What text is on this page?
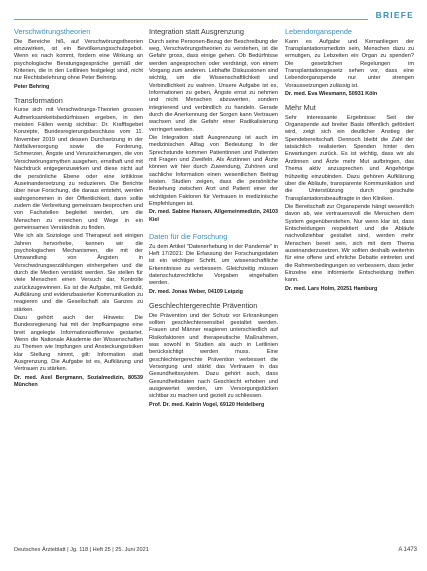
BRIEFE
Verschwörungstheorien

Die Bereiche hiß, auf Verschwörungstheorien einzuwirken, ist ein Bevölkerungsschutzgebot. Wenn es nach kommt, fordern eine Wirkung an psychologische Beratungsgespräche gemäß der Kriterien, die in den Leitlinien festgelegt sind, nicht nur Rechtsbelehrung ohne Peter Behring.

Peter Behring

Transformation

Kurse sich mit Verschwörungs-Theorien grossen Aufmerksamkeitsbedürfnissen ergeben, in den meisten Fällen wenig sichtbar: Dr. Krafftsgebet Konzepte, Bundesregierungsbeschluss vom 11. November 2019 und dessen Durchsetzung in der Notfallversorgung sowie die Forderung, Schmerzen, Ängste und Verunsicherungen, die von Verschwörungsmythen ausgehen, ernsthaft und mit Nachdruck entgegenzuwirken und diese nicht auf die persönliche Ebene oder eine kritiklose Auseinandersetzung zu reduzieren. Die Berichte über neue Forschung, die daraus entsteht, werden wahrgenommen in der Öffentlichkeit, dann sollte zudem die Verbreitung gemeinsam besprochen und von Fachstellen begleitet werden, um die Menschen zu erreichen und Wege in ein gemeinsames Verständnis zu finden.

Wie ich als Soziologe und Therapeut seit einigen Jahren hervorhebe, kennen wir die psychologischen Mechanismen, die mit der Umwandlung von Ängsten in Verschwörungserzählungen einhergehen und die durch die Medien verstärkt werden. Sie stellen für viele Menschen einen Versuch dar, Kontrolle zurückzugewinnen. Es ist die Aufgabe, mit Geduld, Aufklärung und evidenzbasierter Kommunikation zu reagieren und die Gesellschaft als Ganzes zu stärken.

Dazu gehört auch der Hinweis: Die Bundesregierung hat mit der Impfkampagne eine breit angelegte Informationsoffensive gestartet. Wenn die Nationale Akademie der Wissenschaften zu Themen wie Impfungen und Ansteckungsrisiken klar Stellung nimmt, gilt: Information statt Ausgrenzung. Die Aufgabe ist es, Aufklärung und Vertrauen zu stärken.

Dr. med. Axel Bergmann, Sozialmedizin, 80539 München

Integration statt Ausgrenzung

Durch seine Personen-Bezug der Beschreibung der weg, Verschwörungstheorien zu verstehen, ist die Gefahr gross, dass einige gehen. Ob Bedürfnisse werden angesprochen oder verdrängt, von einem Vorgang zum anderen. Lebhafte Diskussionen sind wichtig, um die Wissenschaftlichkeit und Verbindlichkeit zu wahren. Unsere Aufgabe ist es, Informationen zu geben, Ängste ernst zu nehmen und nicht Menschen abzuwerten, sondern integrierend und verbindlich zu handeln. Gerade durch die Anerkennung der Sorgen kann Vertrauen wachsen und die Gefahr einer Radikalisierung verringert werden.

Die Integration statt Ausgrenzung ist auch im medizinischen Alltag von Bedeutung: In der Sprechstunde kommen Patientinnen und Patienten mit Fragen und Zweifeln. Als Ärztinnen und Ärzte können wir hier durch Zuwendung, Zuhören und sachliche Information einen wesentlichen Beitrag leisten. Studien zeigen, dass die persönliche Beziehung zwischen Arzt und Patient einer der wichtigsten Faktoren für Vertrauen in medizinische Empfehlungen ist.

Dr. med. Sabine Hansen, Allgemeinmedizin, 24103 Kiel

Daten für die Forschung

Zu dem Artikel "Datenerhebung in der Pandemie" in Heft 17/2021: Die Erfassung der Forschungsdaten ist ein wichtiger Schritt, um wissenschaftliche Erkenntnisse zu verbessern. Gleichzeitig müssen datenschutzrechtliche Vorgaben eingehalten werden.

Dr. med. Jonas Weber, 04109 Leipzig

Geschlechtergerechte Prävention

Die Prävention und der Schutz vor Erkrankungen sollten geschlechtersensibel gestaltet werden. Frauen und Männer reagieren unterschiedlich auf Risikofaktoren und therapeutische Maßnahmen, was sowohl in Studien als auch in Leitlinien berücksichtigt werden muss. Eine geschlechtergerechte Prävention verbessert die Versorgung und stärkt das Vertrauen in das Gesundheitssystem. Dazu gehört auch, dass Gesundheitsdaten nach Geschlecht erhoben und ausgewertet werden, um Versorgungslücken sichtbar zu machen und gezielt zu schliessen.

Prof. Dr. med. Katrin Vogel, 69120 Heidelberg

Lebendorganspende

Kann es Aufgabe und Kernanliegen der Transplantationsmedizin sein, Menschen dazu zu ermutigen, zu Lebzeiten ein Organ zu spenden? Die gesetzlichen Regelungen im Transplantationsgesetz sehen vor, dass eine Lebendorganspende nur unter strengen Voraussetzungen zulässig ist.

Dr. med. Eva Wiesmann, 50931 Köln

Mehr Mut

Sehr interessante Ergebnisse: Seit der Organspende auf breiter Basis öffentlich gefördert wird, zeigt sich ein deutlicher Anstieg der Spendebereitschaft. Dennoch bleibt die Zahl der tatsächlich realisierten Spenden hinter den Erwartungen zurück. Es ist wichtig, dass wir als Ärztinnen und Ärzte mehr Mut aufbringen, das Thema aktiv anzusprechen und Angehörige frühzeitig einzubinden. Dazu gehören Aufklärung über die Abläufe, transparente Kommunikation und die Unterstützung durch geschulte Transplantationsbeauftragte in den Kliniken.

Die Bereitschaft zur Organspende hängt wesentlich davon ab, wie vertrauensvoll die Menschen dem System gegenüberstehen. Nur wenn klar ist, dass Entscheidungen respektiert und die Abläufe nachvollziehbar gestaltet sind, werden mehr Menschen bereit sein, sich mit dem Thema auseinanderzusetzen. Wir sollten deshalb weiterhin für eine offene und ehrliche Debatte eintreten und die Rahmenbedingungen so verbessern, dass jeder Einzelne eine informierte Entscheidung treffen kann.

Dr. med. Lars Holm, 20251 Hamburg

Deutsches Ärzteblatt | Jg. 118 | Heft 25 | 25. Juni 2021	A 1473
